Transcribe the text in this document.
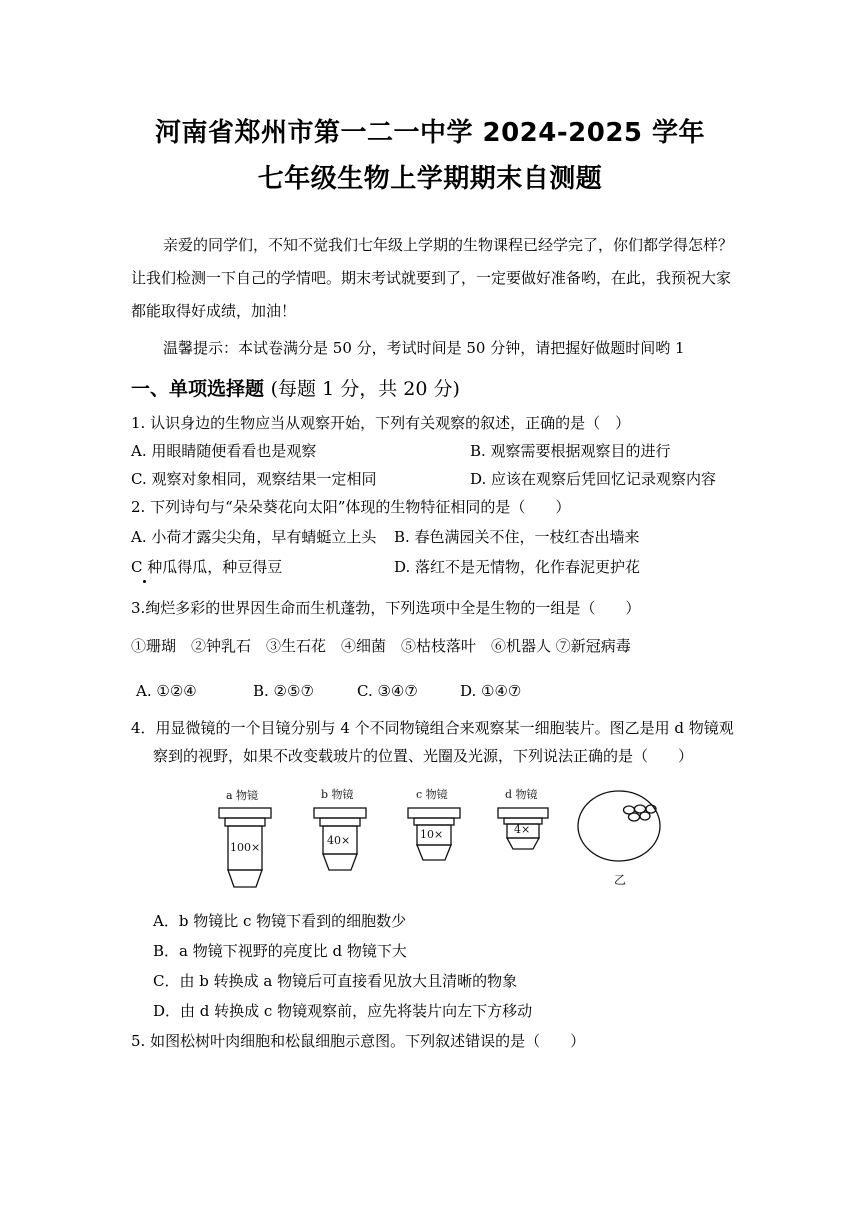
河南省郑州市第一二一中学 2024-2025 学年
七年级生物上学期期末自测题
亲爱的同学们，不知不觉我们七年级上学期的生物课程已经学完了，你们都学得怎样？
让我们检测一下自己的学情吧。期末考试就要到了，一定要做好准备哟，在此，我预祝大家
都能取得好成绩，加油！
温馨提示：本试卷满分是 50 分，考试时间是 50 分钟，请把握好做题时间哟 1
一、单项选择题 (每题 1 分，共 20 分)
1. 认识身边的生物应当从观察开始，下列有关观察的叙述，正确的是（　）
A. 用眼睛随便看看也是观察	B. 观察需要根据观察目的进行
C. 观察对象相同，观察结果一定相同	D. 应该在观察后凭回忆记录观察内容
2. 下列诗句与“朵朵葵花向太阳”体现的生物特征相同的是（　　）
A. 小荷才露尖尖角，早有蜻蜓立上头 B. 春色满园关不住，一枝红杏出墙来
C 种瓜得瓜，种豆得豆	D. 落红不是无情物，化作春泥更护花
3.绚烂多彩的世界因生命而生机蓬勃，下列选项中全是生物的一组是（　　）
①珊瑚　②钟乳石　③生石花　④细菌　⑤枯枝落叶　⑥机器人 ⑦新冠病毒
A. ①②④	B. ②⑤⑦	C. ③④⑦	D. ①④⑦
4．用显微镜的一个目镜分别与 4 个不同物镜组合来观察某一细胞装片。图乙是用 d 物镜观
察到的视野，如果不改变载玻片的位置、光圈及光源，下列说法正确的是（　　）
a 物镜	b 物镜	c 物镜	d 物镜
100×
40×	10×	4×
乙
A．b 物镜比 c 物镜下看到的细胞数少
B．a 物镜下视野的亮度比 d 物镜下大
C．由 b 转换成 a 物镜后可直接看见放大且清晰的物象
D．由 d 转换成 c 物镜观察前，应先将装片向左下方移动
5. 如图松树叶肉细胞和松鼠细胞示意图。下列叙述错误的是（　　）
